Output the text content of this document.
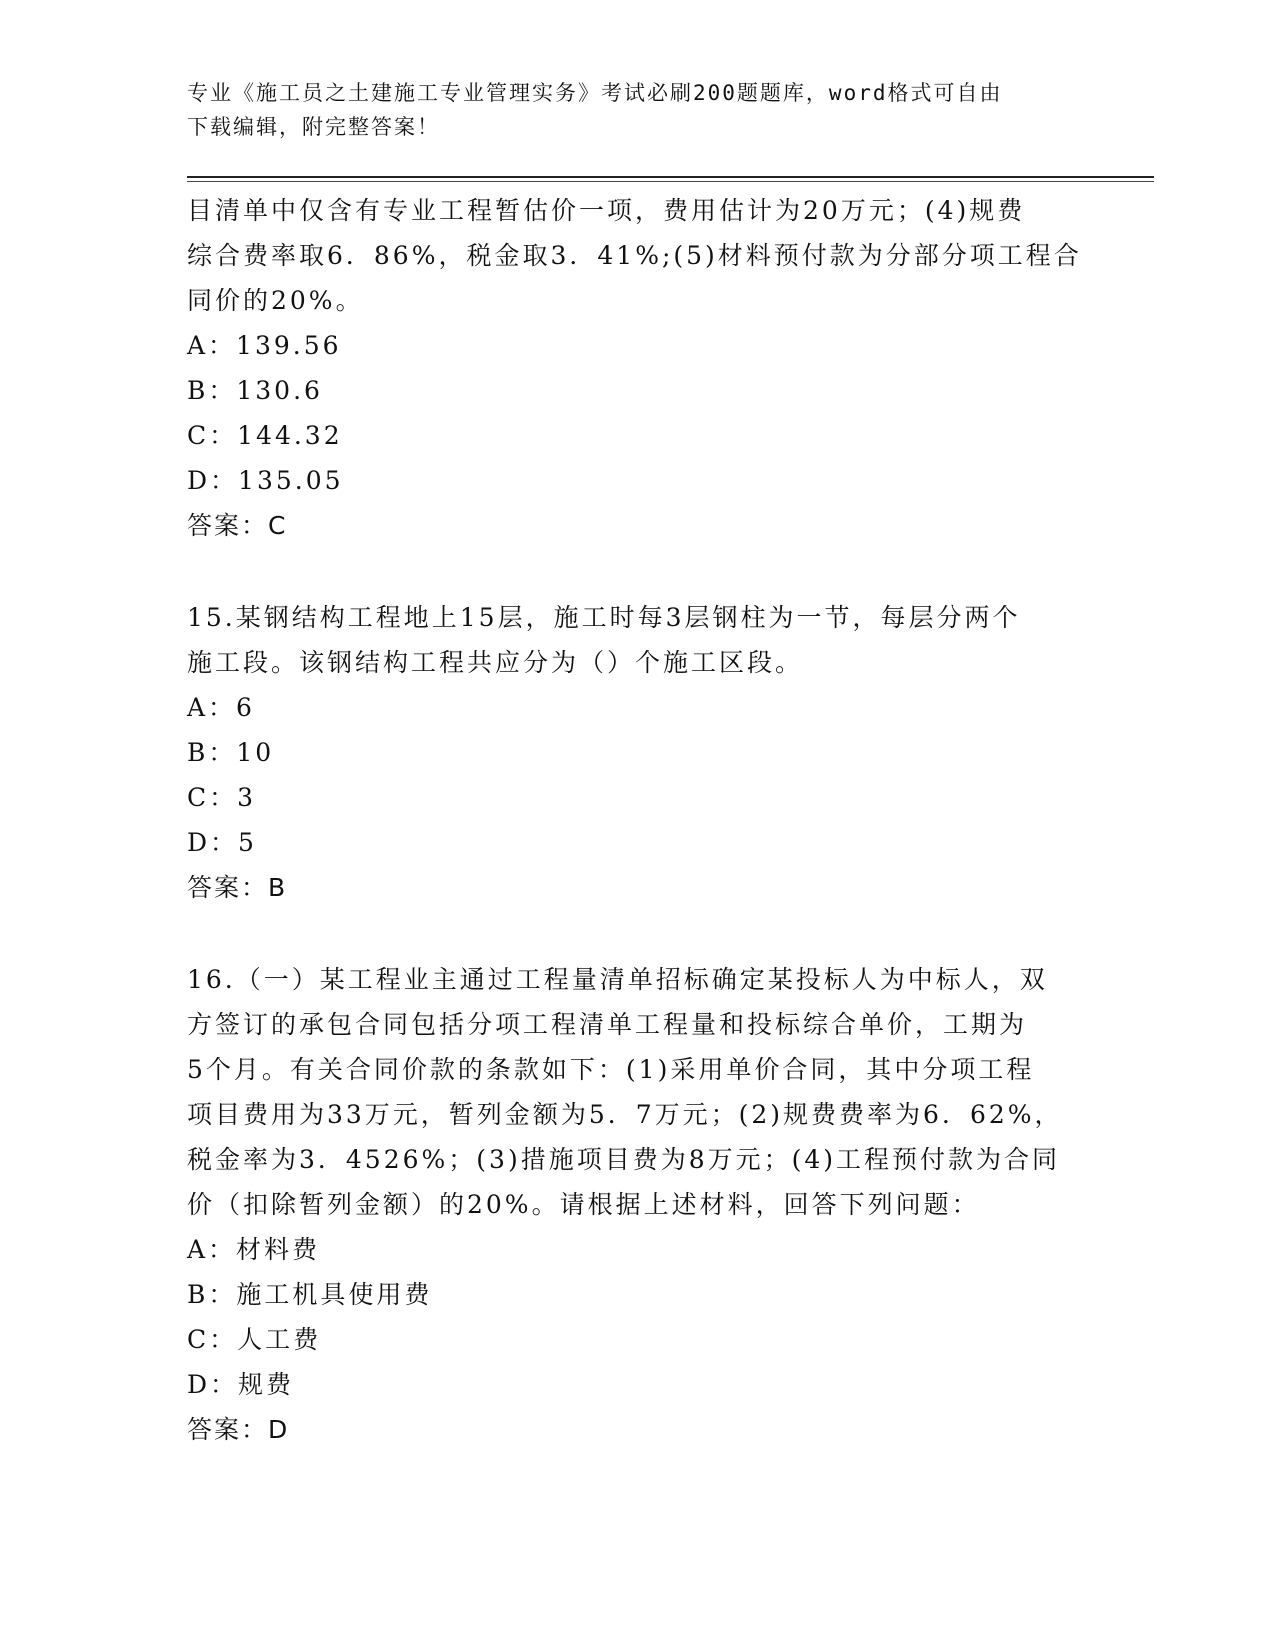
专业《施工员之土建施工专业管理实务》考试必刷200题题库，word格式可自由
下载编辑，附完整答案！
目清单中仅含有专业工程暂估价一项，费用估计为20万元；(4)规费
综合费率取6．86%，税金取3．41%;(5)材料预付款为分部分项工程合
同价的20%。
A：139.56
B：130.6
C：144.32
D：135.05
答案：C
15.某钢结构工程地上15层，施工时每3层钢柱为一节，每层分两个
施工段。该钢结构工程共应分为（）个施工区段。
A：6
B：10
C：3
D：5
答案：B
16.（一）某工程业主通过工程量清单招标确定某投标人为中标人，双
方签订的承包合同包括分项工程清单工程量和投标综合单价，工期为
5个月。有关合同价款的条款如下：(1)采用单价合同，其中分项工程
项目费用为33万元，暂列金额为5．7万元；(2)规费费率为6．62%，
税金率为3．4526%；(3)措施项目费为8万元；(4)工程预付款为合同
价（扣除暂列金额）的20%。请根据上述材料，回答下列问题：
A：材料费
B：施工机具使用费
C：人工费
D：规费
答案：D
